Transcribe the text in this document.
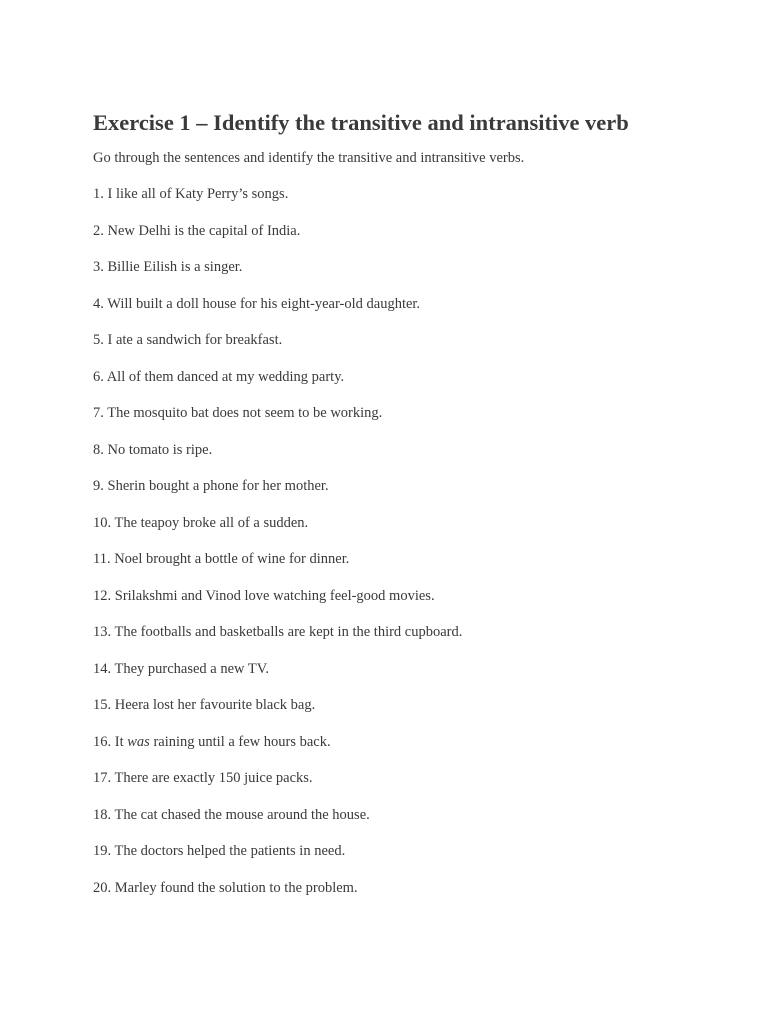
Exercise 1 – Identify the transitive and intransitive verb

Go through the sentences and identify the transitive and intransitive verbs.

1. I like all of Katy Perry’s songs.
2. New Delhi is the capital of India.
3. Billie Eilish is a singer.
4. Will built a doll house for his eight-year-old daughter.
5. I ate a sandwich for breakfast.
6. All of them danced at my wedding party.
7. The mosquito bat does not seem to be working.
8. No tomato is ripe.
9. Sherin bought a phone for her mother.
10. The teapoy broke all of a sudden.
11. Noel brought a bottle of wine for dinner.
12. Srilakshmi and Vinod love watching feel-good movies.
13. The footballs and basketballs are kept in the third cupboard.
14. They purchased a new TV.
15. Heera lost her favourite black bag.
16. It was raining until a few hours back.
17. There are exactly 150 juice packs.
18. The cat chased the mouse around the house.
19. The doctors helped the patients in need.
20. Marley found the solution to the problem.
